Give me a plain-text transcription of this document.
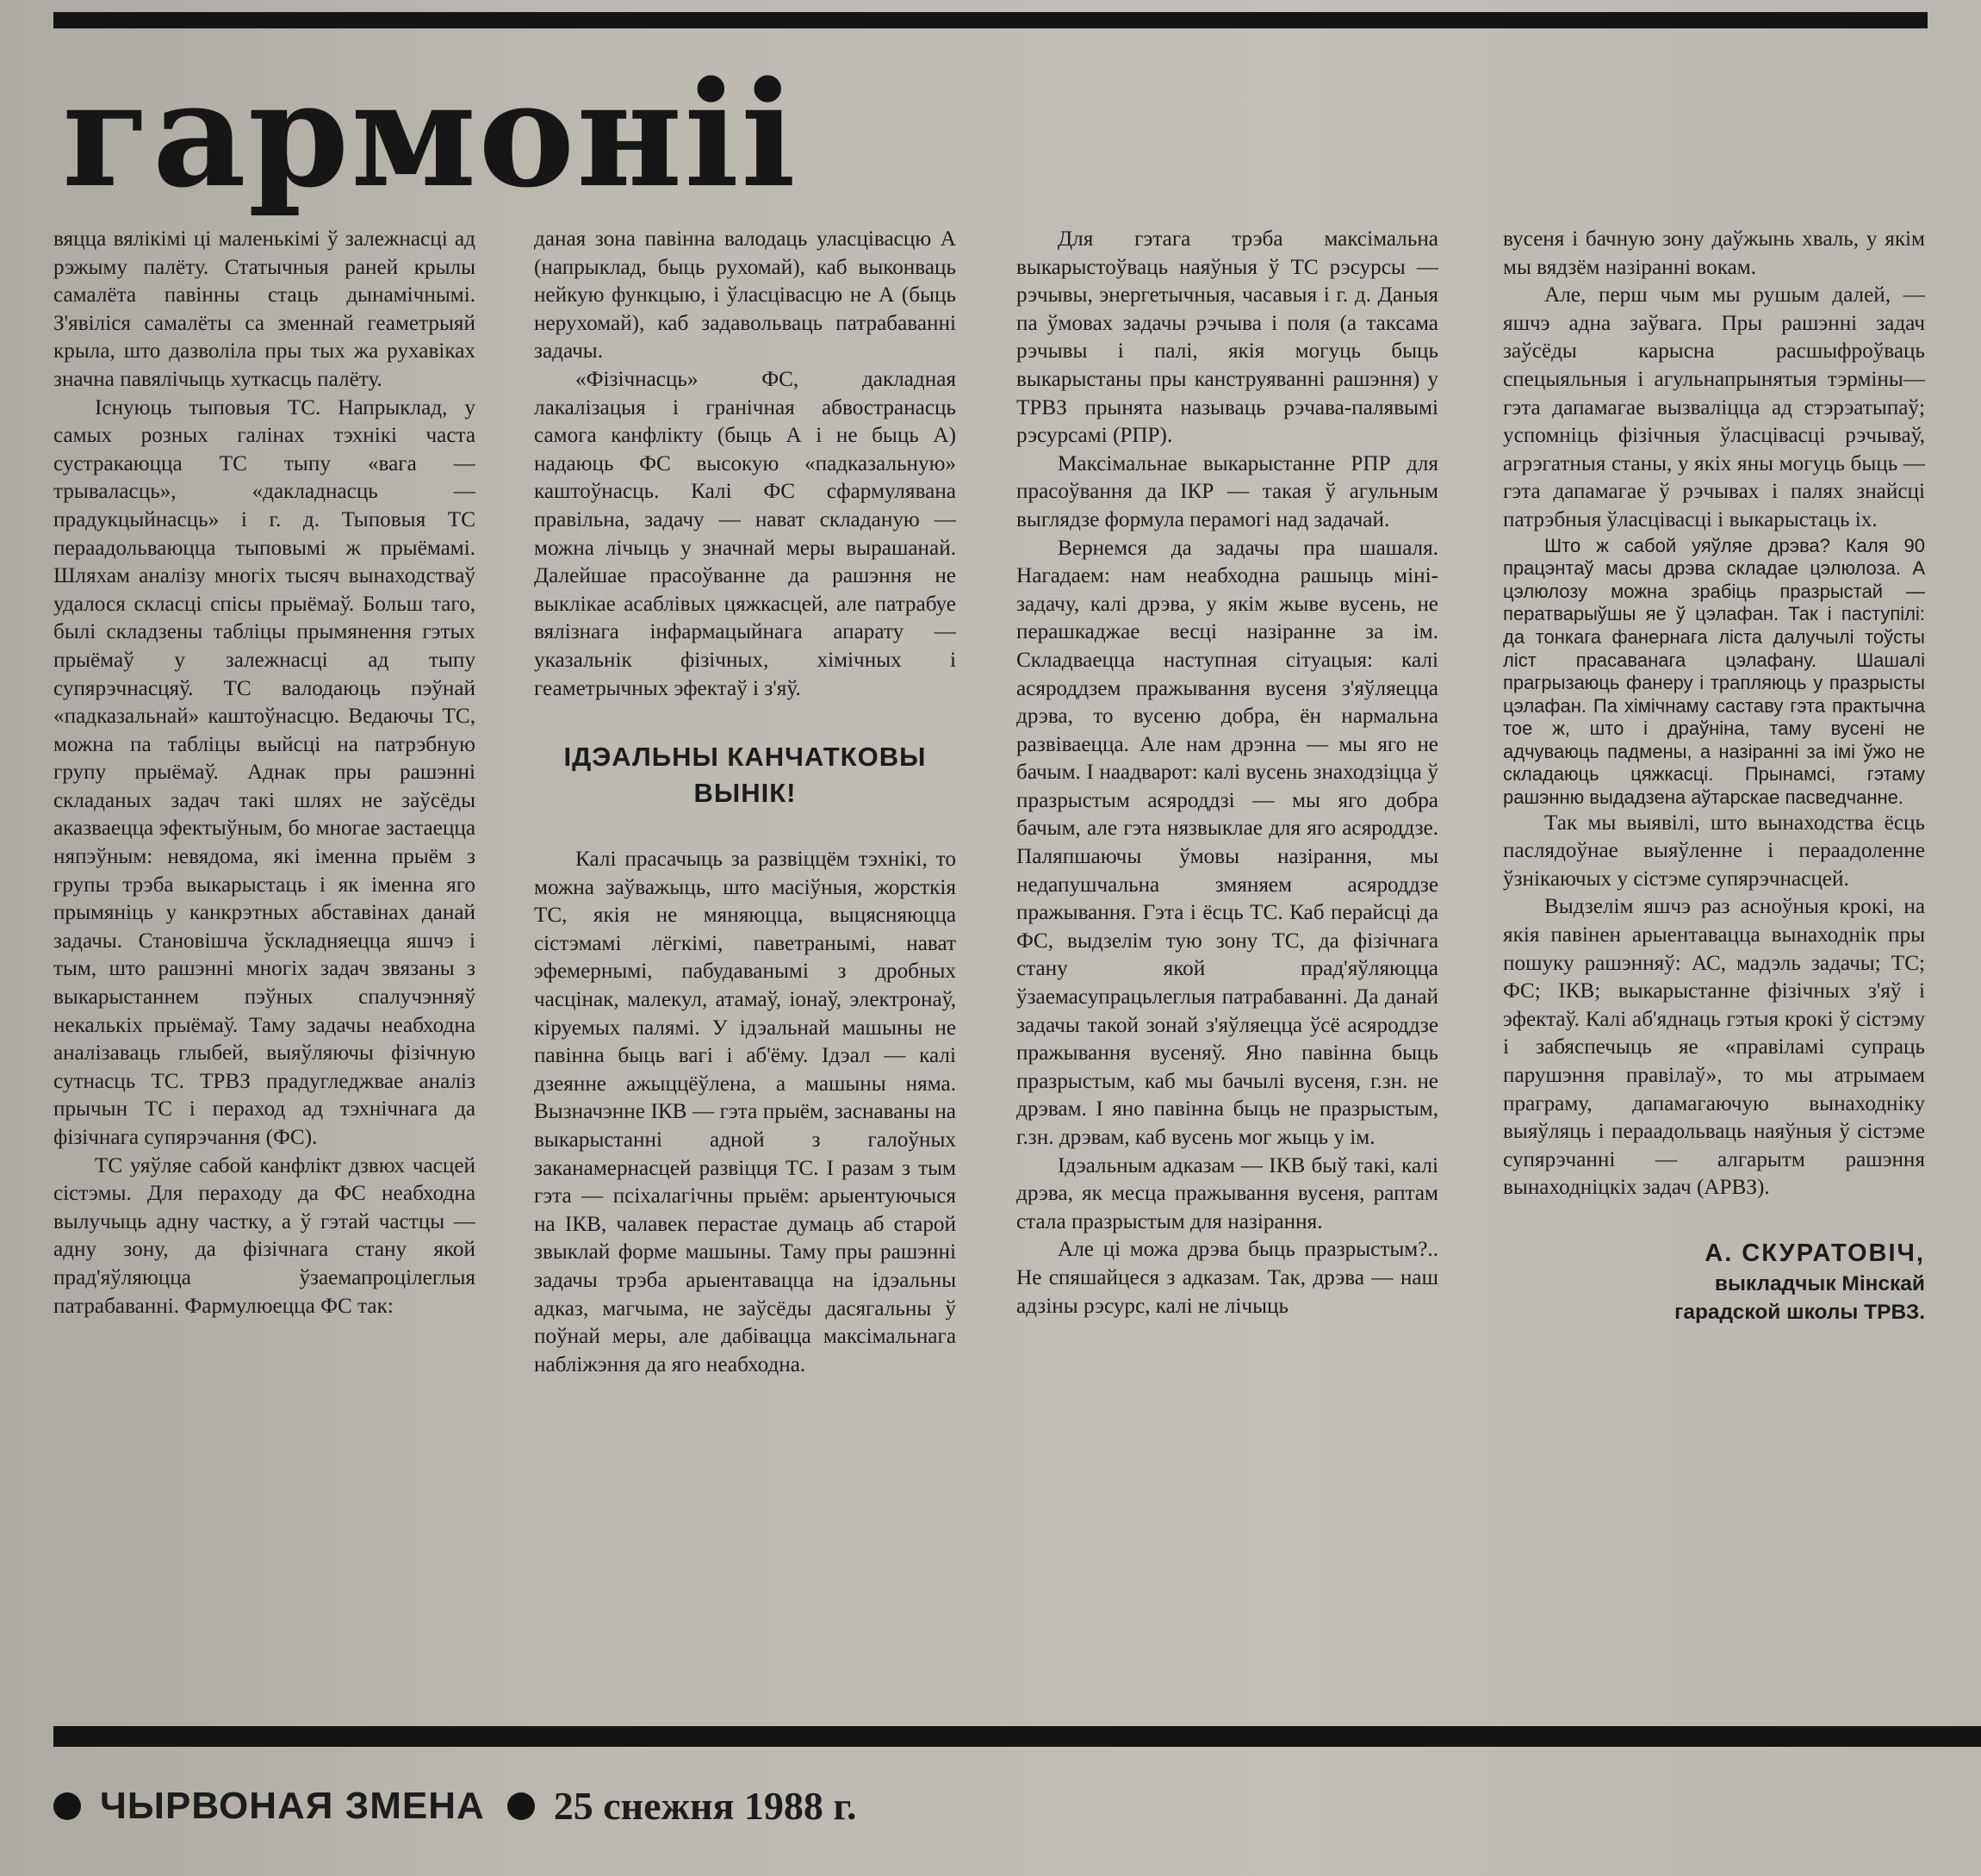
гармоніі

вяцца вялікімі ці маленькімі ў залежнасці ад рэжыму палёту. Статычныя раней крылы самалёта павінны стаць дынамічнымі. З'явіліся самалёты са зменнай геаметрыяй крыла, што дазволіла пры тых жа рухавіках значна павялічыць хуткасць палёту.

Існуюць тыповыя ТС. Напрыклад, у самых розных галінах тэхнікі часта сустракаюцца ТС тыпу «вага — трываласць», «дакладнасць — прадукцыйнасць» і г. д. Тыповыя ТС пераадольваюцца тыповымі ж прыёмамі. Шляхам аналізу многіх тысяч вынаходстваў удалося скласці спісы прыёмаў. Больш таго, былі складзены табліцы прымянення гэтых прыёмаў у залежнасці ад тыпу супярэчнасцяў. ТС валодаюць пэўнай «падказальнай» каштоўнасцю. Ведаючы ТС, можна па табліцы выйсці на патрэбную групу прыёмаў. Аднак пры рашэнні складаных задач такі шлях не заўсёды аказваецца эфектыўным, бо многае застаецца няпэўным: невядома, які іменна прыём з групы трэба выкарыстаць і як іменна яго прымяніць у канкрэтных абставінах данай задачы. Становішча ўскладняецца яшчэ і тым, што рашэнні многіх задач звязаны з выкарыстаннем пэўных спалучэнняў некалькіх прыёмаў. Таму задачы неабходна аналізаваць глыбей, выяўляючы фізічную сутнасць ТС. ТРВЗ прадугледжвае аналіз прычын ТС і пераход ад тэхнічнага да фізічнага супярэчання (ФС).

ТС уяўляе сабой канфлікт дзвюх часцей сістэмы. Для пераходу да ФС неабходна вылучыць адну частку, а ў гэтай частцы — адну зону, да фізічнага стану якой прад'яўляюцца ўзаемапроцілеглыя патрабаванні. Фармулюецца ФС так:

даная зона павінна валодаць уласцівасцю А (напрыклад, быць рухомай), каб выконваць нейкую функцыю, і ўласцівасцю не А (быць нерухомай), каб задавольваць патрабаванні задачы.

«Фізічнасць» ФС, дакладная лакалізацыя і гранічная абвостранасць самога канфлікту (быць А і не быць А) надаюць ФС высокую «падказальную» каштоўнасць. Калі ФС сфармулявана правільна, задачу — нават складаную — можна лічыць у значнай меры вырашанай. Далейшае прасоўванне да рашэння не выклікае асаблівых цяжкасцей, але патрабуе вялізнага інфармацыйнага апарату — указальнік фізічных, хімічных і геаметрычных эфектаў і з'яў.

ІДЭАЛЬНЫ КАНЧАТКОВЫ ВЫНІК!

Калі прасачыць за развіццём тэхнікі, то можна заўважыць, што масіўныя, жорсткія ТС, якія не мяняюцца, выцясняюцца сістэмамі лёгкімі, паветранымі, нават эфемернымі, пабудаванымі з дробных часцінак, малекул, атамаў, іонаў, электронаў, кіруемых палямі. У ідэальнай машыны не павінна быць вагі і аб'ёму. Ідэал — калі дзеянне ажыццёўлена, а машыны няма. Вызначэнне ІКВ — гэта прыём, заснаваны на выкарыстанні адной з галоўных заканамернасцей развіцця ТС. І разам з тым гэта — псіхалагічны прыём: арыентуючыся на ІКВ, чалавек перастае думаць аб старой звыклай форме машыны. Таму пры рашэнні задачы трэба арыентавацца на ідэальны адказ, магчыма, не заўсёды дасягальны ў поўнай меры, але дабівацца максімальнага набліжэння да яго неабходна.

Для гэтага трэба максімальна выкарыстоўваць наяўныя ў ТС рэсурсы — рэчывы, энергетычныя, часавыя і г. д. Даныя па ўмовах задачы рэчыва і поля (а таксама рэчывы і палі, якія могуць быць выкарыстаны пры канструяванні рашэння) у ТРВЗ прынята называць рэчава-палявымі рэсурсамі (РПР).

Максімальнае выкарыстанне РПР для прасоўвання да ІКР — такая ў агульным выглядзе формула перамогі над задачай.

Вернемся да задачы пра шашаля. Нагадаем: нам неабходна рашыць міні-задачу, калі дрэва, у якім жыве вусень, не перашкаджае весці назіранне за ім. Складваецца наступная сітуацыя: калі асяроддзем пражывання вусеня з'яўляецца дрэва, то вусеню добра, ён нармальна развіваецца. Але нам дрэнна — мы яго не бачым. І наадварот: калі вусень знаходзіцца ў празрыстым асяроддзі — мы яго добра бачым, але гэта нязвыклае для яго асяроддзе. Паляпшаючы ўмовы назірання, мы недапушчальна змяняем асяроддзе пражывання. Гэта і ёсць ТС. Каб перайсці да ФС, выдзелім тую зону ТС, да фізічнага стану якой прад'яўляюцца ўзаемасупрацьлеглыя патрабаванні. Да данай задачы такой зонай з'яўляецца ўсё асяроддзе пражывання вусеняў. Яно павінна быць празрыстым, каб мы бачылі вусеня, г.зн. не дрэвам. І яно павінна быць не празрыстым, г.зн. дрэвам, каб вусень мог жыць у ім.

Ідэальным адказам — ІКВ быў такі, калі дрэва, як месца пражывання вусеня, раптам стала празрыстым для назірання.

Але ці можа дрэва быць празрыстым?.. Не спяшайцеся з адказам. Так, дрэва — наш адзіны рэсурс, калі не лічыць

вусеня і бачную зону даўжынь хваль, у якім мы вядзём назіранні вокам.

Але, перш чым мы рушым далей, — яшчэ адна заўвага. Пры рашэнні задач заўсёды карысна расшыфроўваць спецыяльныя і агульнапрынятыя тэрміны—гэта дапамагае вызваліцца ад стэрэатыпаў; успомніць фізічныя ўласцівасці рэчываў, агрэгатныя станы, у якіх яны могуць быць — гэта дапамагае ў рэчывах і палях знайсці патрэбныя ўласцівасці і выкарыстаць іх.

Што ж сабой уяўляе дрэва? Каля 90 працэнтаў масы дрэва складае цэлюлоза. А цэлюлозу можна зрабіць празрыстай — ператварыўшы яе ў цэлафан. Так і паступілі: да тонкага фанернага ліста далучылі тоўсты ліст прасаванага цэлафану. Шашалі прагрызаюць фанеру і трапляюць у празрысты цэлафан. Па хімічнаму саставу гэта практычна тое ж, што і драўніна, таму вусені не адчуваюць падмены, а назіранні за імі ўжо не складаюць цяжкасці. Прынамсі, гэтаму рашэнню выдадзена аўтарскае пасведчанне.

Так мы выявілі, што вынаходства ёсць паслядоўнае выяўленне і пераадоленне ўзнікаючых у сістэме супярэчнасцей.

Выдзелім яшчэ раз асноўныя крокі, на якія павінен арыентавацца вынаходнік пры пошуку рашэнняў: АС, мадэль задачы; ТС; ФС; ІКВ; выкарыстанне фізічных з'яў і эфектаў. Калі аб'яднаць гэтыя крокі ў сістэму і забяспечыць яе «правіламі супраць парушэння правілаў», то мы атрымаем праграму, дапамагаючую вынаходніку выяўляць і пераадольваць наяўныя ў сістэме супярэчанні — алгарытм рашэння вынаходніцкіх задач (АРВЗ).

А. СКУРАТОВІЧ,
выкладчык Мінскай
гарадской школы ТРВЗ.
ЧЫРВОНАЯ ЗМЕНА 25 снежня 1988 г.
